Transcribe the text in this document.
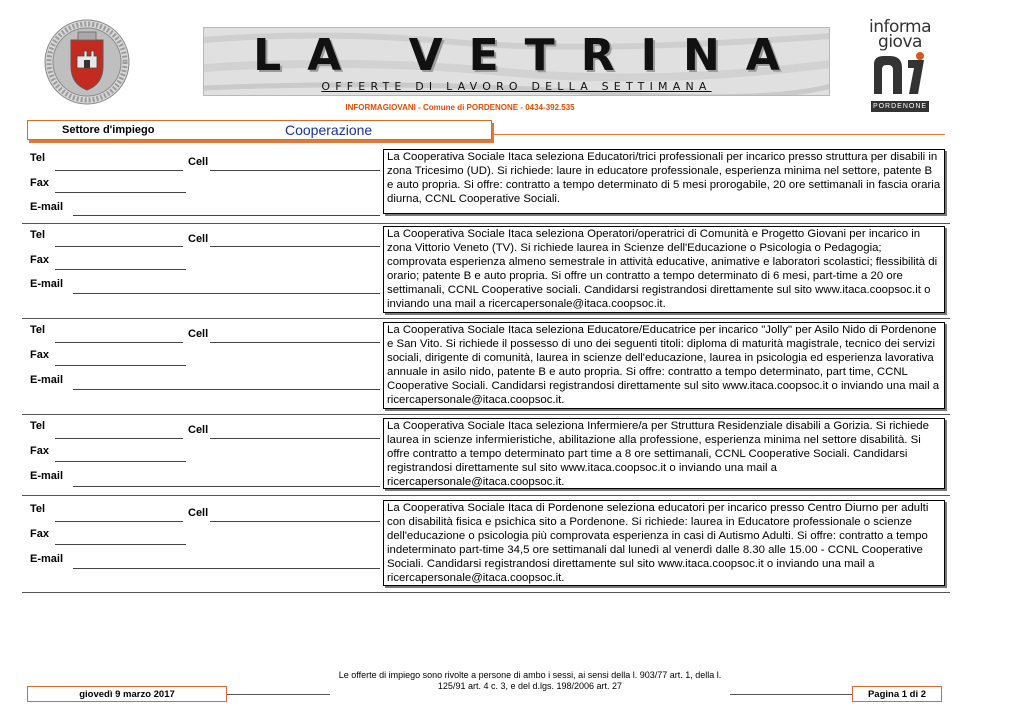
LA VETRINA
OFFERTE DI LAVORO DELLA SETTIMANA
informa giova
PORDENONE
INFORMAGIOVANI - Comune di PORDENONE - 0434-392.535
Settore d'impiego	Cooperazione
Tel	Cell
Fax
E-mail
La Cooperativa Sociale Itaca seleziona Educatori/trici professionali per incarico presso struttura per disabili in zona Tricesimo (UD). Si richiede: laure in educatore professionale, esperienza minima nel settore, patente B e auto propria. Si offre: contratto a tempo determinato di 5 mesi prorogabile, 20 ore settimanali in fascia oraria diurna, CCNL Cooperative Sociali.
Tel	Cell
Fax
E-mail
La Cooperativa Sociale Itaca seleziona Operatori/operatrici di Comunità e Progetto Giovani per incarico in zona Vittorio Veneto (TV). Si richiede laurea in Scienze dell'Educazione o Psicologia o Pedagogia; comprovata esperienza almeno semestrale in attività educative, animative e laboratori scolastici; flessibilità di orario; patente B e auto propria. Si offre un contratto a tempo determinato di 6 mesi, part-time a 20 ore settimanali, CCNL Cooperative sociali. Candidarsi registrandosi direttamente sul sito www.itaca.coopsoc.it o inviando una mail a ricercapersonale@itaca.coopsoc.it.
Tel	Cell
Fax
E-mail
La Cooperativa Sociale Itaca seleziona Educatore/Educatrice per incarico "Jolly" per Asilo Nido di Pordenone e San Vito. Si richiede il possesso di uno dei seguenti titoli: diploma di maturità magistrale, tecnico dei servizi sociali, dirigente di comunità, laurea in scienze dell'educazione, laurea in psicologia ed esperienza lavorativa annuale in asilo nido, patente B e auto propria. Si offre: contratto a tempo determinato, part time, CCNL Cooperative Sociali. Candidarsi registrandosi direttamente sul sito www.itaca.coopsoc.it o inviando una mail a ricercapersonale@itaca.coopsoc.it.
Tel	Cell
Fax
E-mail
La Cooperativa Sociale Itaca seleziona Infermiere/a per Struttura Residenziale disabili a Gorizia. Si richiede laurea in scienze infermieristiche, abilitazione alla professione, esperienza minima nel settore disabilità. Si offre contratto a tempo determinato part time a 8 ore settimanali, CCNL Cooperative Sociali. Candidarsi registrandosi direttamente sul sito www.itaca.coopsoc.it o inviando una mail a ricercapersonale@itaca.coopsoc.it.
Tel	Cell
Fax
E-mail
La Cooperativa Sociale Itaca di Pordenone seleziona educatori per incarico presso Centro Diurno per adulti con disabilità fisica e psichica sito a Pordenone. Si richiede: laurea in Educatore professionale o scienze dell'educazione o psicologia più comprovata esperienza in casi di Autismo Adulti. Si offre: contratto a tempo indeterminato part-time 34,5 ore settimanali dal lunedì al venerdì dalle 8.30 alle 15.00 - CCNL Cooperative Sociali. Candidarsi registrandosi direttamente sul sito www.itaca.coopsoc.it o inviando una mail a ricercapersonale@itaca.coopsoc.it.
Le offerte di impiego sono rivolte a persone di ambo i sessi, ai sensi della l. 903/77 art. 1, della l. 125/91 art. 4 c. 3, e del d.lgs. 198/2006 art. 27
giovedì 9 marzo 2017	Pagina 1 di 2
